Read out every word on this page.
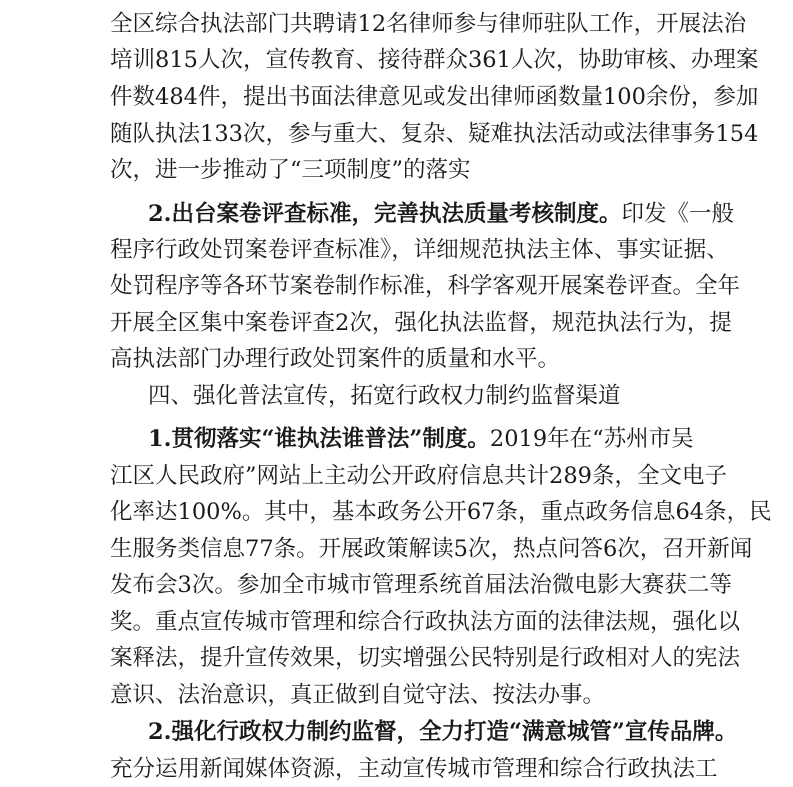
全区综合执法部门共聘请12名律师参与律师驻队工作，开展法治
培训815人次，宣传教育、接待群众361人次，协助审核、办理案
件数484件，提出书面法律意见或发出律师函数量100余份，参加
随队执法133次，参与重大、复杂、疑难执法活动或法律事务154
次，进一步推动了“三项制度”的落实
2.出台案卷评查标准，完善执法质量考核制度。印发《一般
程序行政处罚案卷评查标准》，详细规范执法主体、事实证据、
处罚程序等各环节案卷制作标准，科学客观开展案卷评查。全年
开展全区集中案卷评查2次，强化执法监督，规范执法行为，提
高执法部门办理行政处罚案件的质量和水平。
四、强化普法宣传，拓宽行政权力制约监督渠道
1.贯彻落实“谁执法谁普法”制度。2019年在“苏州市吴
江区人民政府”网站上主动公开政府信息共计289条，全文电子
化率达100%。其中，基本政务公开67条，重点政务信息64条，民
生服务类信息77条。开展政策解读5次，热点问答6次，召开新闻
发布会3次。参加全市城市管理系统首届法治微电影大赛获二等
奖。重点宣传城市管理和综合行政执法方面的法律法规，强化以
案释法，提升宣传效果，切实增强公民特别是行政相对人的宪法
意识、法治意识，真正做到自觉守法、按法办事。
2.强化行政权力制约监督，全力打造“满意城管”宣传品牌。
充分运用新闻媒体资源，主动宣传城市管理和综合行政执法工
